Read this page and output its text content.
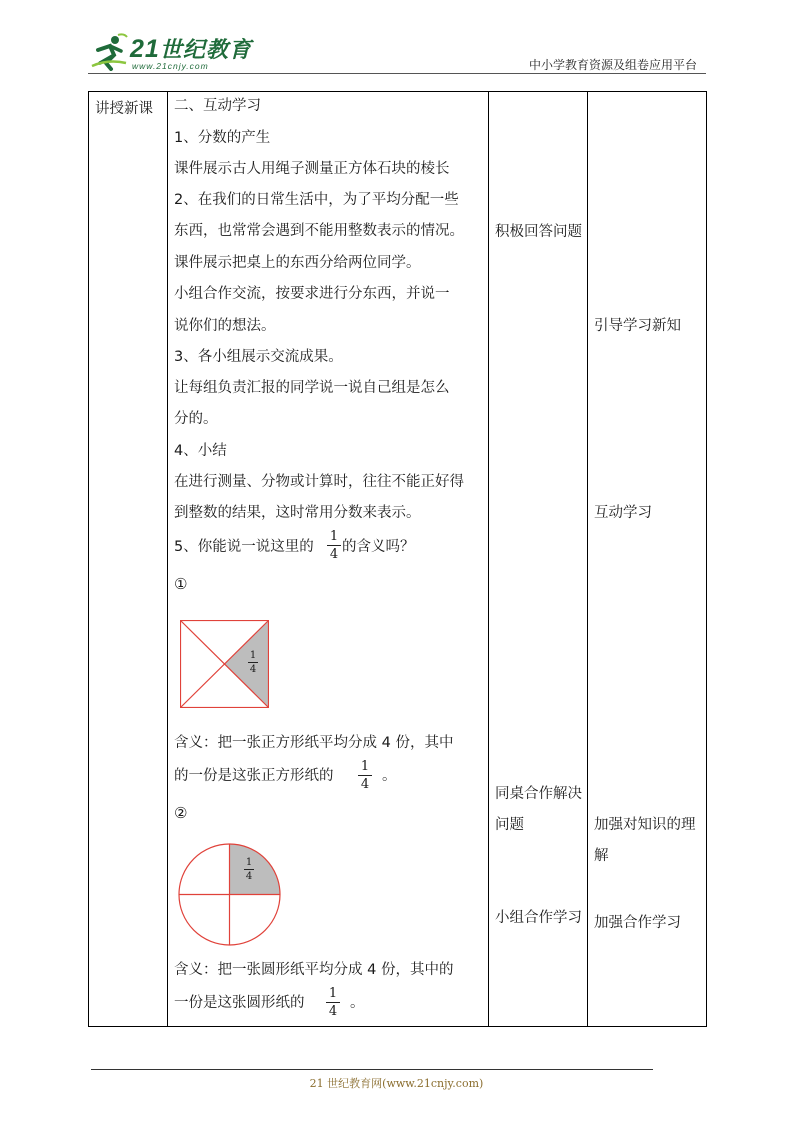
21世纪教育
www.21cnjy.com	中小学教育资源及组卷应用平台
讲授新课 二、互动学习
1、分数的产生
课件展示古人用绳子测量正方体石块的棱长
2、在我们的日常生活中，为了平均分配一些
东西，也常常会遇到不能用整数表示的情况。
课件展示把桌上的东西分给两位同学。
小组合作交流，按要求进行分东西，并说一
说你们的想法。
3、各小组展示交流成果。
让每组负责汇报的同学说一说自己组是怎么
分的。
4、小结
在进行测量、分物或计算时，往往不能正好得
到整数的结果，这时常用分数来表示。
5、你能说一说这里的
1
4 的含义吗？
①
1
4
含义：把一张正方形纸平均分成 4 份，其中
的一份是这张正方形纸的
1
4
。
②
1
4
含义：把一张圆形纸平均分成 4 份，其中的
一份是这张圆形纸的
1
4
。
积极回答问题
同桌合作解决
问题
小组合作学习
引导学习新知
互动学习
加强对知识的理
解
加强合作学习
21 世纪教育网(www.21cnjy.com)
